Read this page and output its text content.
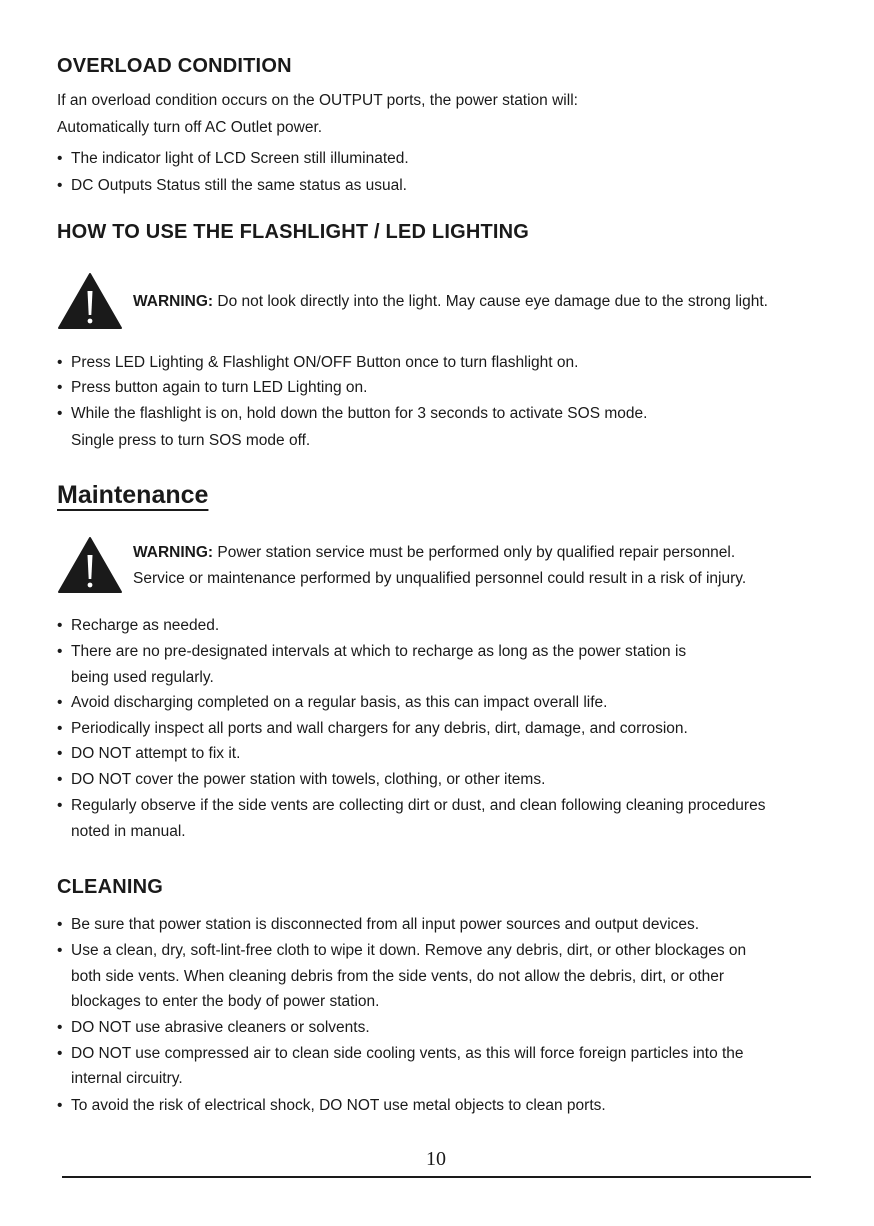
OVERLOAD CONDITION

If an overload condition occurs on the OUTPUT ports, the power station will:

Automatically turn off AC Outlet power.

• The indicator light of LCD Screen still illuminated.

• DC Outputs Status still the same status as usual.

HOW TO USE THE FLASHLIGHT / LED LIGHTING

WARNING: Do not look directly into the light. May cause eye damage due to the strong light.

• Press LED Lighting & Flashlight ON/OFF Button once to turn flashlight on.

• Press button again to turn LED Lighting on.

• While the flashlight is on, hold down the button for 3 seconds to activate SOS mode.

Single press to turn SOS mode off.

Maintenance

WARNING: Power station service must be performed only by qualified repair personnel.

Service or maintenance performed by unqualified personnel could result in a risk of injury.

• Recharge as needed.

• There are no pre-designated intervals at which to recharge as long as the power station is

being used regularly.

• Avoid discharging completed on a regular basis, as this can impact overall life.

• Periodically inspect all ports and wall chargers for any debris, dirt, damage, and corrosion.

• DO NOT attempt to fix it.

• DO NOT cover the power station with towels, clothing, or other items.

• Regularly observe if the side vents are collecting dirt or dust, and clean following cleaning procedures

noted in manual.

CLEANING
• Be sure that power station is disconnected from all input power sources and output devices.

• Use a clean, dry, soft-lint-free cloth to wipe it down. Remove any debris, dirt, or other blockages on

both side vents. When cleaning debris from the side vents, do not allow the debris, dirt, or other

blockages to enter the body of power station.

• DO NOT use abrasive cleaners or solvents.

• DO NOT use compressed air to clean side cooling vents, as this will force foreign particles into the

internal circuitry.

• To avoid the risk of electrical shock, DO NOT use metal objects to clean ports.

10
